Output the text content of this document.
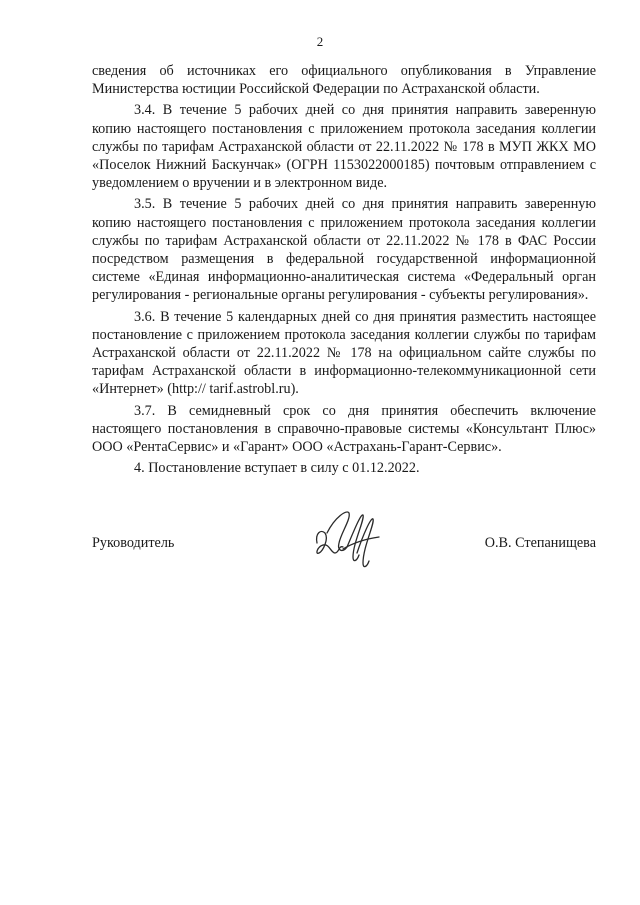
2

сведения об источниках его официального опубликования в Управление Министерства юстиции Российской Федерации по Астраханской области.

3.4. В течение 5 рабочих дней со дня принятия направить заверенную копию настоящего постановления с приложением протокола заседания коллегии службы по тарифам Астраханской области от 22.11.2022 № 178 в МУП ЖКХ МО «Поселок Нижний Баскунчак» (ОГРН 1153022000185) почтовым отправлением с уведомлением о вручении и в электронном виде.

3.5. В течение 5 рабочих дней со дня принятия направить заверенную копию настоящего постановления с приложением протокола заседания коллегии службы по тарифам Астраханской области от 22.11.2022 № 178 в ФАС России посредством размещения в федеральной государственной информационной системе «Единая информационно-аналитическая система «Федеральный орган регулирования - региональные органы регулирования - субъекты регулирования».

3.6. В течение 5 календарных дней со дня принятия разместить настоящее постановление с приложением протокола заседания коллегии службы по тарифам Астраханской области от 22.11.2022 № 178 на официальном сайте службы по тарифам Астраханской области в информационно-телекоммуникационной сети «Интернет» (http:// tarif.astrobl.ru).

3.7. В семидневный срок со дня принятия обеспечить включение настоящего постановления в справочно-правовые системы «Консультант Плюс» ООО «РентаСервис» и «Гарант» ООО «Астрахань-Гарант-Сервис».

4. Постановление вступает в силу с 01.12.2022.

Руководитель	О.В. Степанищева
